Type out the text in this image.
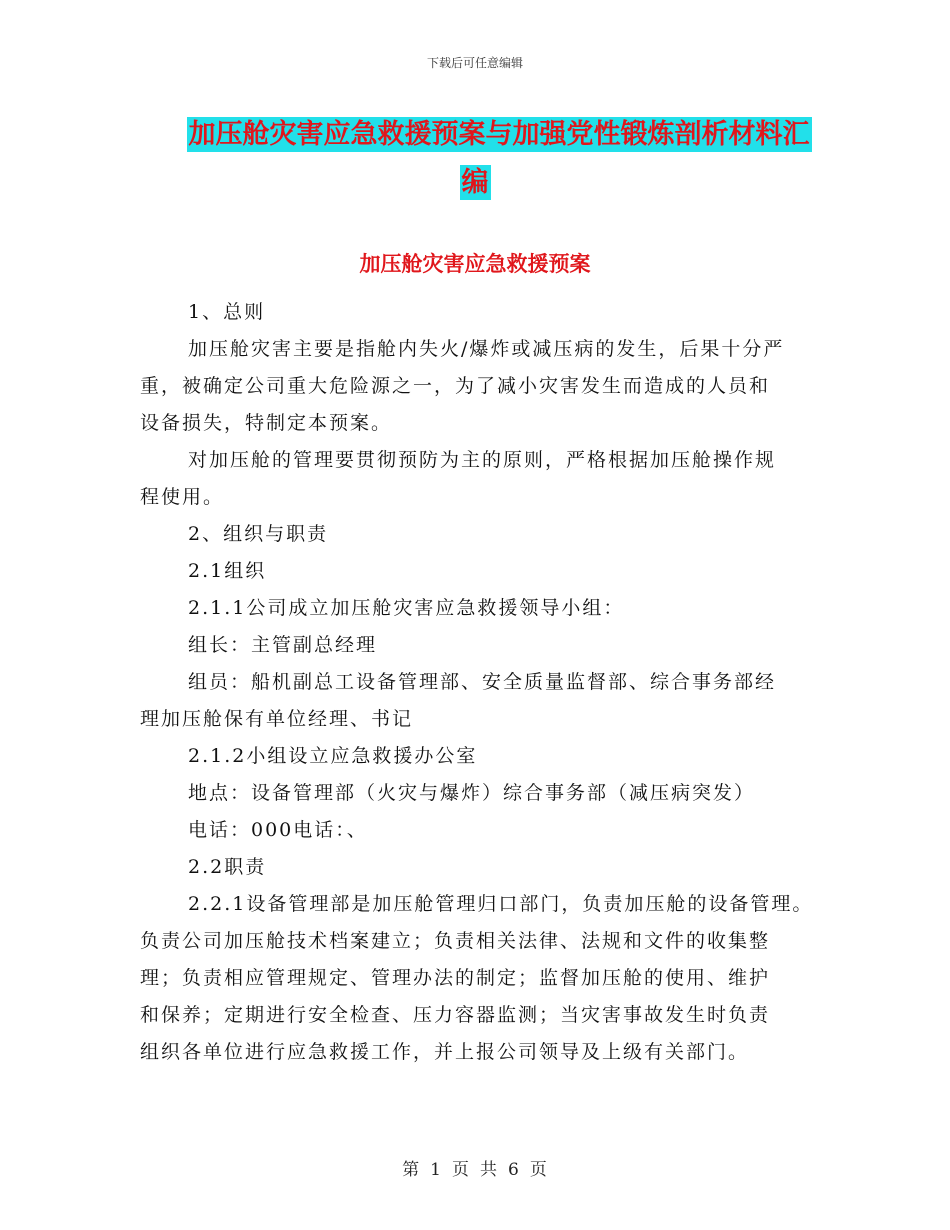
下载后可任意编辑
加压舱灾害应急救援预案与加强党性锻炼剖析材料汇
编
加压舱灾害应急救援预案

1、总则

加压舱灾害主要是指舱内失火/爆炸或减压病的发生，后果十分严
重，被确定公司重大危险源之一，为了减小灾害发生而造成的人员和
设备损失，特制定本预案。

对加压舱的管理要贯彻预防为主的原则，严格根据加压舱操作规
程使用。

2、组织与职责

2.1组织

2.1.1公司成立加压舱灾害应急救援领导小组：

组长：主管副总经理

组员：船机副总工设备管理部、安全质量监督部、综合事务部经
理加压舱保有单位经理、书记

2.1.2小组设立应急救援办公室

地点：设备管理部（火灾与爆炸）综合事务部（减压病突发）

电话：000电话：、

2.2职责

2.2.1设备管理部是加压舱管理归口部门，负责加压舱的设备管理。
负责公司加压舱技术档案建立；负责相关法律、法规和文件的收集整
理；负责相应管理规定、管理办法的制定；监督加压舱的使用、维护
和保养；定期进行安全检查、压力容器监测；当灾害事故发生时负责
组织各单位进行应急救援工作，并上报公司领导及上级有关部门。

第 1 页 共 6 页
